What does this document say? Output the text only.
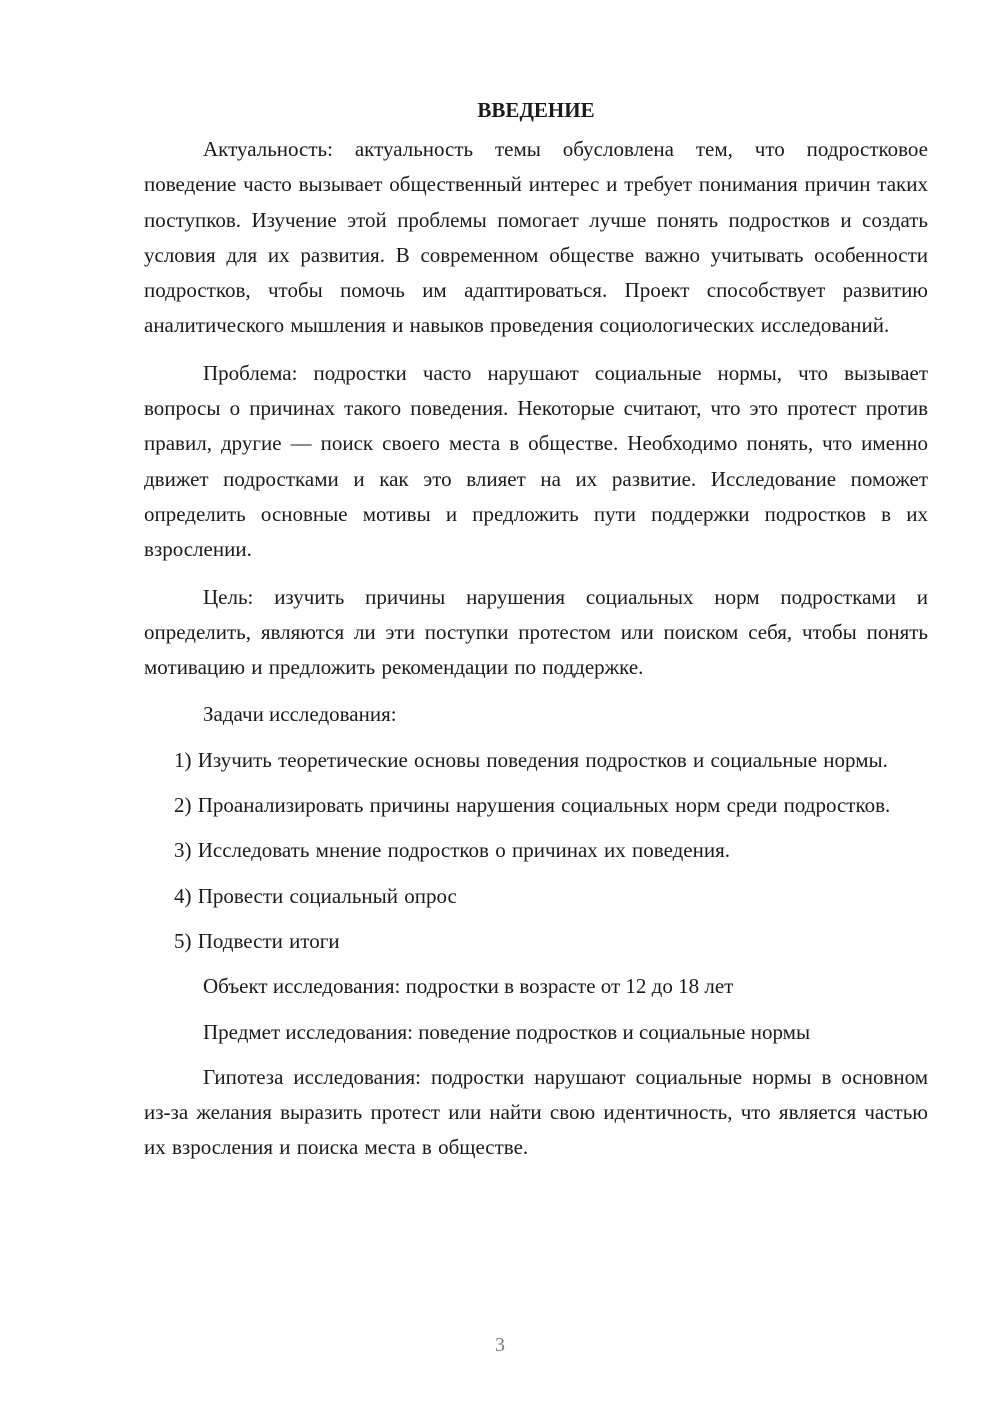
ВВЕДЕНИЕ

Актуальность: актуальность темы обусловлена тем, что подростковое поведение часто вызывает общественный интерес и требует понимания причин таких поступков. Изучение этой проблемы помогает лучше понять подростков и создать условия для их развития. В современном обществе важно учитывать особенности подростков, чтобы помочь им адаптироваться. Проект способствует развитию аналитического мышления и навыков проведения социологических исследований.

Проблема: подростки часто нарушают социальные нормы, что вызывает вопросы о причинах такого поведения. Некоторые считают, что это протест против правил, другие — поиск своего места в обществе. Необходимо понять, что именно движет подростками и как это влияет на их развитие. Исследование поможет определить основные мотивы и предложить пути поддержки подростков в их взрослении.

Цель: изучить причины нарушения социальных норм подростками и определить, являются ли эти поступки протестом или поиском себя, чтобы понять мотивацию и предложить рекомендации по поддержке.

Задачи исследования:

1) Изучить теоретические основы поведения подростков и социальные нормы.

2) Проанализировать причины нарушения социальных норм среди подростков.

3) Исследовать мнение подростков о причинах их поведения.

4) Провести социальный опрос

5) Подвести итоги

Объект исследования: подростки в возрасте от 12 до 18 лет

Предмет исследования: поведение подростков и социальные нормы

Гипотеза исследования: подростки нарушают социальные нормы в основном из-за желания выразить протест или найти свою идентичность, что является частью их взросления и поиска места в обществе.

3
